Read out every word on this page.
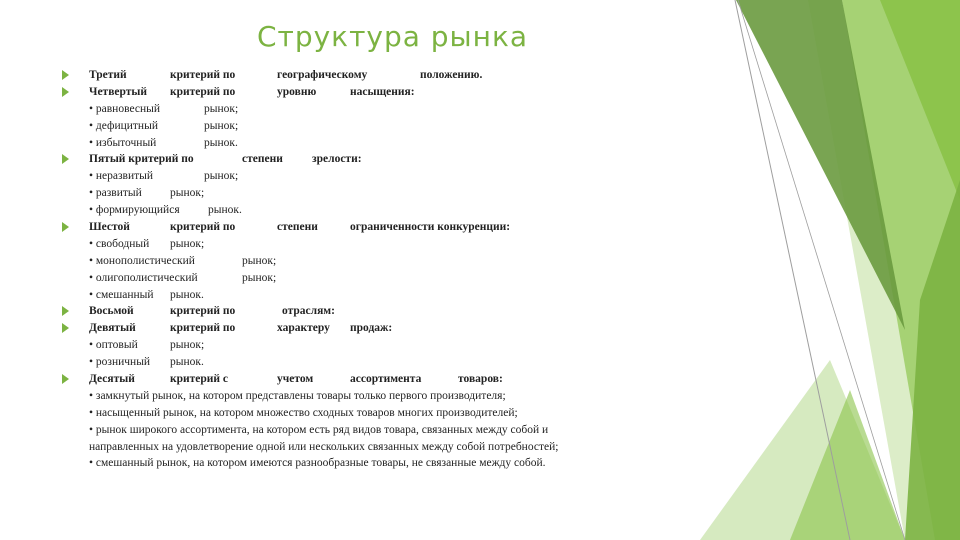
Структура рынка
Третий	критерий по	географическому	положению.
Четвертый критерий по	уровню	насыщения:
• равновесный	рынок;
• дефицитный	рынок;
• избыточный	рынок.
Пятый критерий по	степени	зрелости:
• неразвитый	рынок;
• развитый рынок;
• формирующийся рынок.
Шестой	критерий по	степени	ограниченности конкуренции:
• свободный рынок;
• монополистический	рынок;
• олигополистический	рынок;
• смешанный рынок.
Восьмой	критерий по	отраслям:
Девятый	критерий по	характеру продаж:
• оптовый	рынок;
• розничный рынок.
Десятый	критерий с	учетом	ассортимента	товаров:
• замкнутый рынок, на котором представлены товары только первого производителя;
• насыщенный рынок, на котором множество сходных товаров многих производителей;
• рынок широкого ассортимента, на котором есть ряд видов товара, связанных между собой и
направленных на удовлетворение одной или нескольких связанных между собой потребностей;
• смешанный рынок, на котором имеются разнообразные товары, не связанные между собой.
